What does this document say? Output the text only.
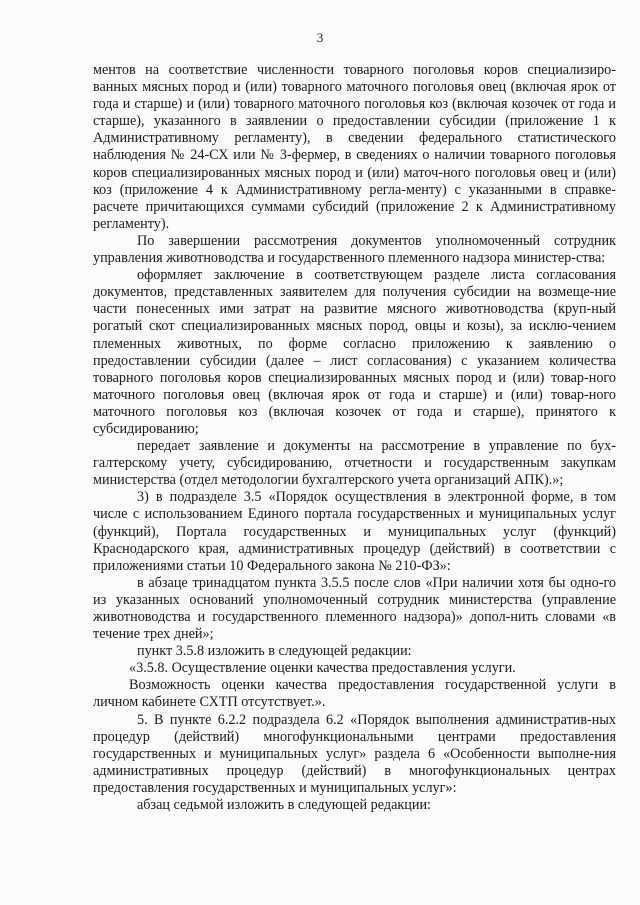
3

ментов на соответствие численности товарного поголовья коров специализиро-ванных мясных пород и (или) товарного маточного поголовья овец (включая ярок от года и старше) и (или) товарного маточного поголовья коз (включая козочек от года и старше), указанного в заявлении о предоставлении субсидии (приложение 1 к Административному регламенту), в сведении федерального статистического наблюдения № 24-СХ или № 3-фермер, в сведениях о наличии товарного поголовья коров специализированных мясных пород и (или) маточ-ного поголовья овец и (или) коз (приложение 4 к Административному регла-менту) с указанными в справке-расчете причитающихся суммами субсидий (приложение 2 к Административному регламенту).

По завершении рассмотрения документов уполномоченный сотрудник управления животноводства и государственного племенного надзора министер-ства:

оформляет заключение в соответствующем разделе листа согласования документов, представленных заявителем для получения субсидии на возмеще-ние части понесенных ими затрат на развитие мясного животноводства (круп-ный рогатый скот специализированных мясных пород, овцы и козы), за исклю-чением племенных животных, по форме согласно приложению к заявлению о предоставлении субсидии (далее – лист согласования) с указанием количества товарного поголовья коров специализированных мясных пород и (или) товар-ного маточного поголовья овец (включая ярок от года и старше) и (или) товар-ного маточного поголовья коз (включая козочек от года и старше), принятого к субсидированию;

передает заявление и документы на рассмотрение в управление по бух-галтерскому учету, субсидированию, отчетности и государственным закупкам министерства (отдел методологии бухгалтерского учета организаций АПК).»;

3) в подразделе 3.5 «Порядок осуществления в электронной форме, в том числе с использованием Единого портала государственных и муниципальных услуг (функций), Портала государственных и муниципальных услуг (функций) Краснодарского края, административных процедур (действий) в соответствии с приложениями статьи 10 Федерального закона № 210-ФЗ»:

в абзаце тринадцатом пункта 3.5.5 после слов «При наличии хотя бы одно-го из указанных оснований уполномоченный сотрудник министерства (управление животноводства и государственного племенного надзора)» допол-нить словами «в течение трех дней»;

пункт 3.5.8 изложить в следующей редакции:

«3.5.8. Осуществление оценки качества предоставления услуги.

Возможность оценки качества предоставления государственной услуги в личном кабинете СХТП отсутствует.».

5. В пункте 6.2.2 подраздела 6.2 «Порядок выполнения административ-ных процедур (действий) многофункциональными центрами предоставления государственных и муниципальных услуг» раздела 6 «Особенности выполне-ния административных процедур (действий) в многофункциональных центрах предоставления государственных и муниципальных услуг»:

абзац седьмой изложить в следующей редакции:
